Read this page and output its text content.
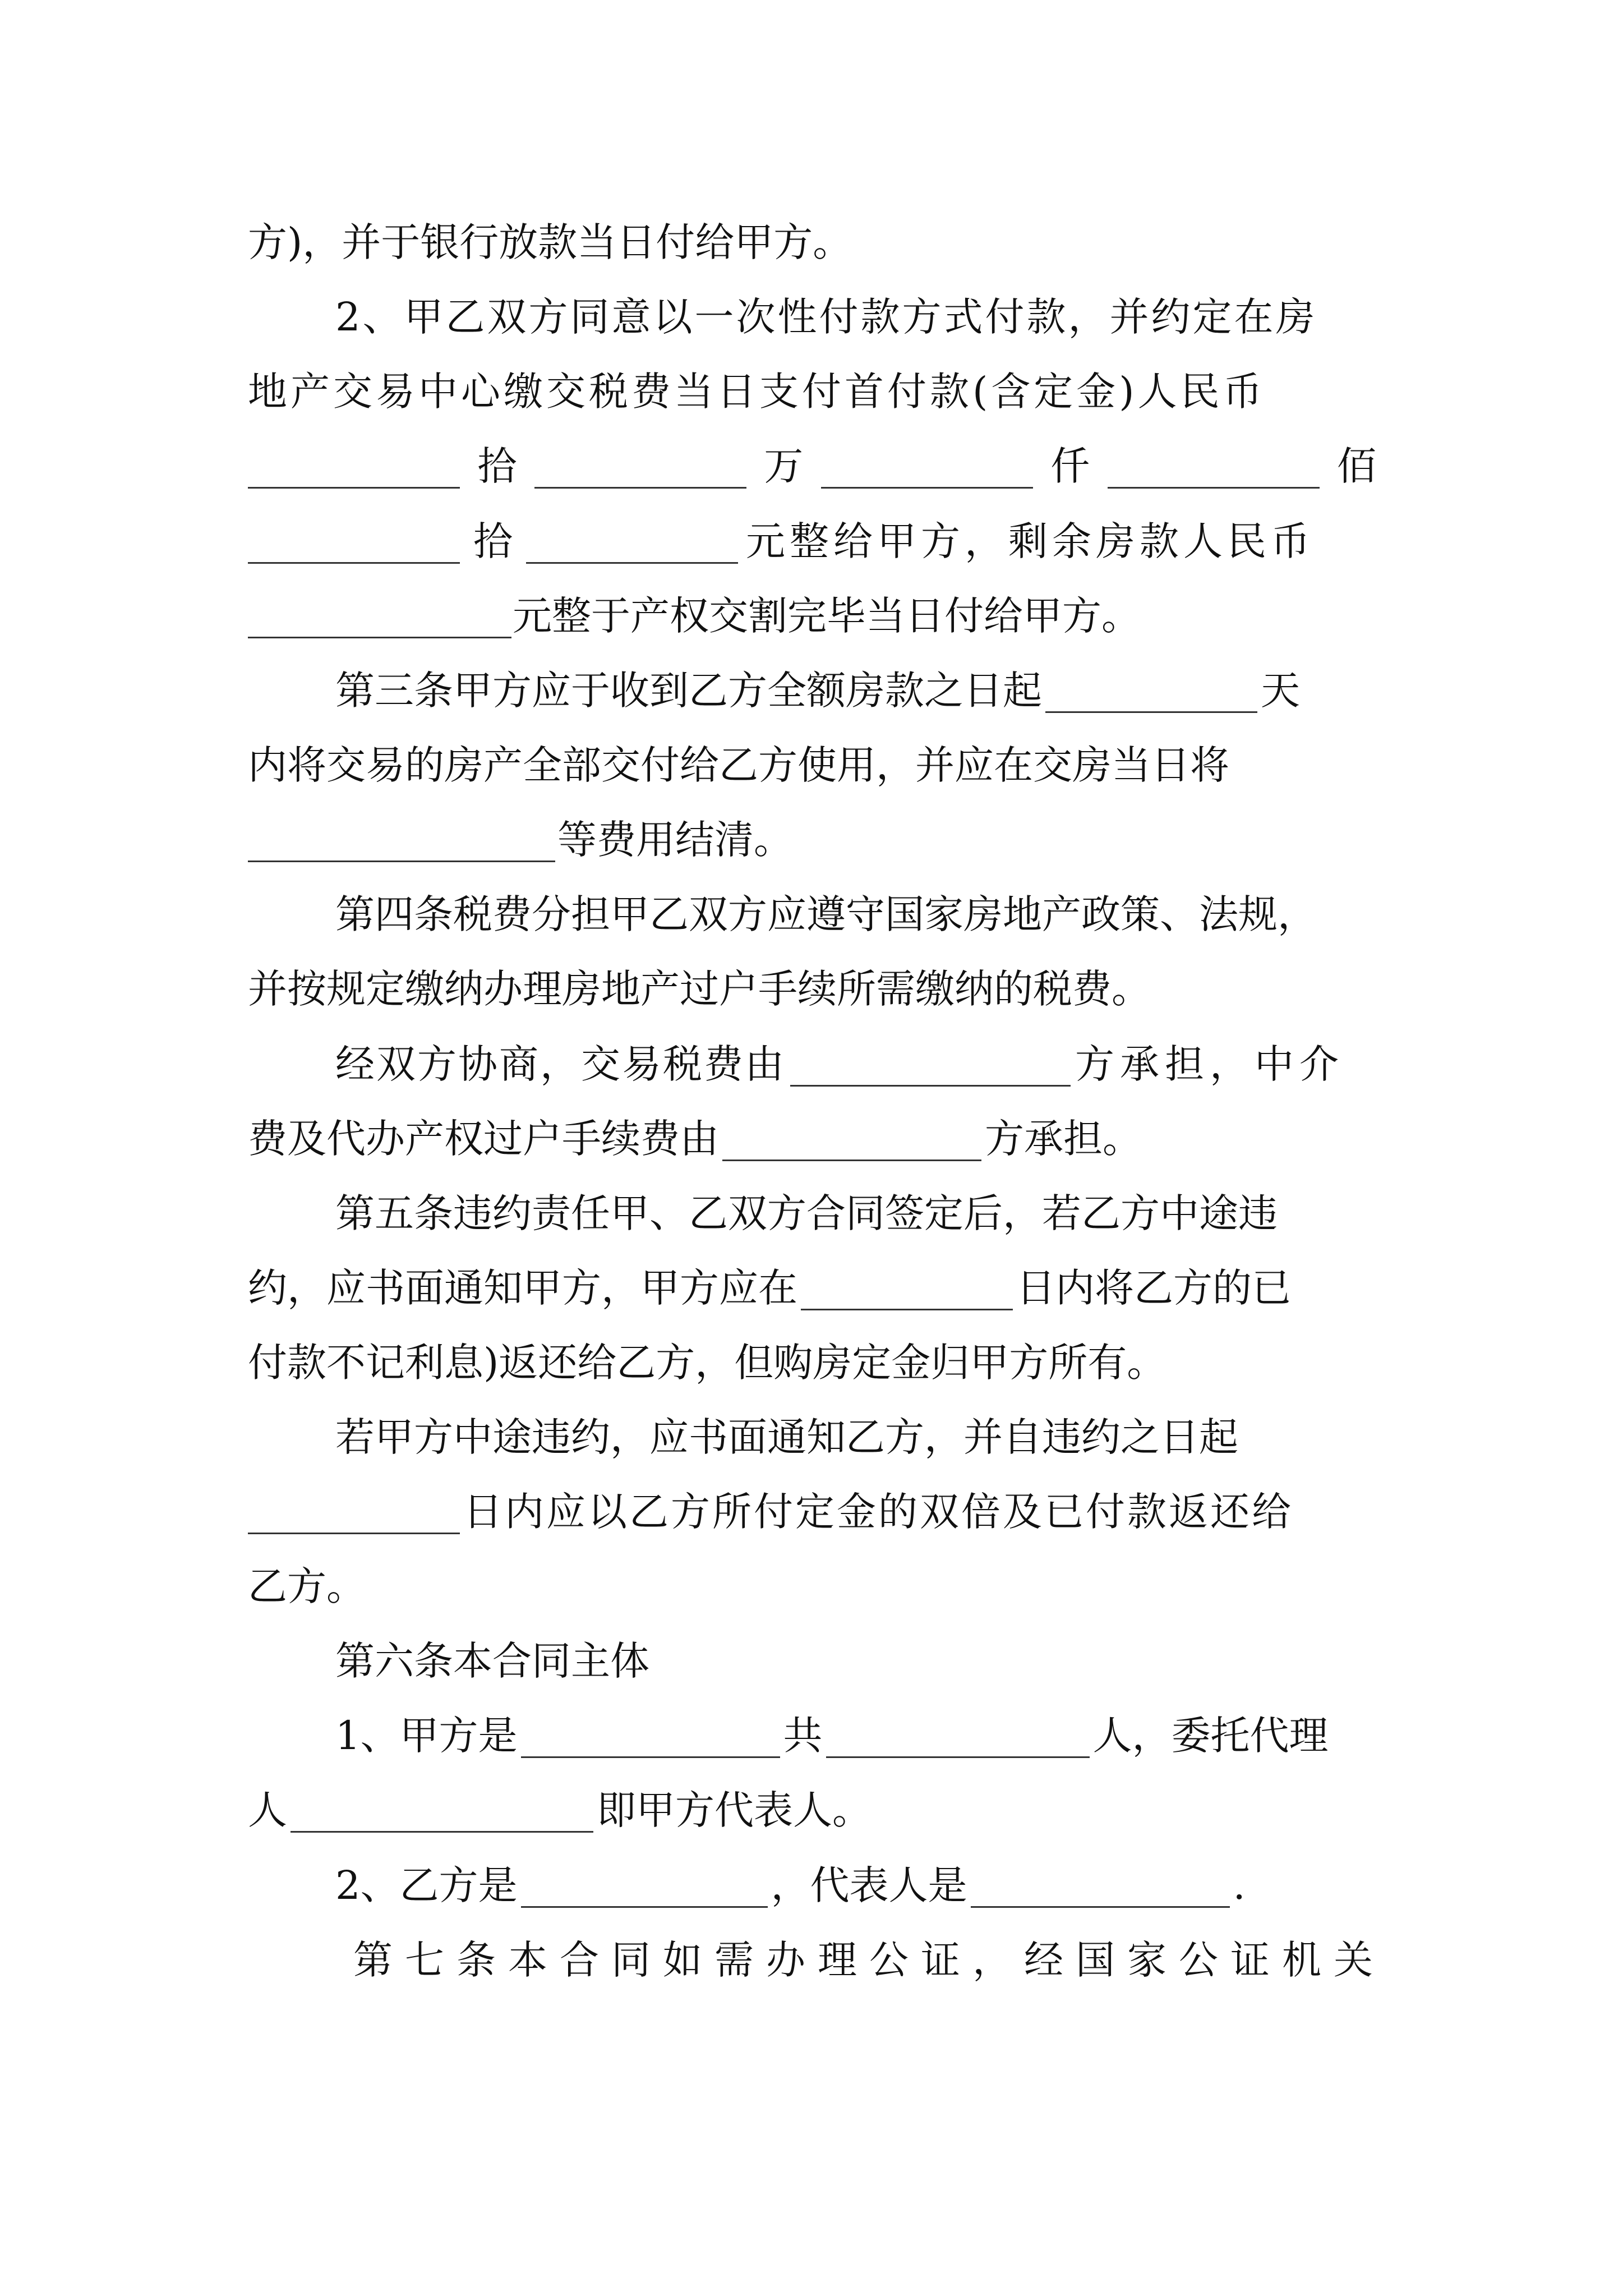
方)，并于银行放款当日付给甲方。
2、甲乙双方同意以一次性付款方式付款，并约定在房
地产交易中心缴交税费当日支付首付款(含定金)人民币
拾	万	仟	佰
拾	元整给甲方，剩余房款人民币
元整于产权交割完毕当日付给甲方。
第三条甲方应于收到乙方全额房款之日起	天
内将交易的房产全部交付给乙方使用，并应在交房当日将
等费用结清。
第四条税费分担甲乙双方应遵守国家房地产政策、法规，
并按规定缴纳办理房地产过户手续所需缴纳的税费。
经双方协商，交易税费由	方承担，中介
费及代办产权过户手续费由	方承担。
第五条违约责任甲、乙双方合同签定后，若乙方中途违
约，应书面通知甲方，甲方应在	日内将乙方的已
付款不记利息)返还给乙方，但购房定金归甲方所有。
若甲方中途违约，应书面通知乙方，并自违约之日起
日内应以乙方所付定金的双倍及已付款返还给
乙方。
第六条本合同主体
1、甲方是	共	人，委托代理
人	即甲方代表人。
2、乙方是	，代表人是	.
第七条本合同如需办理公证，经国家公证机关
